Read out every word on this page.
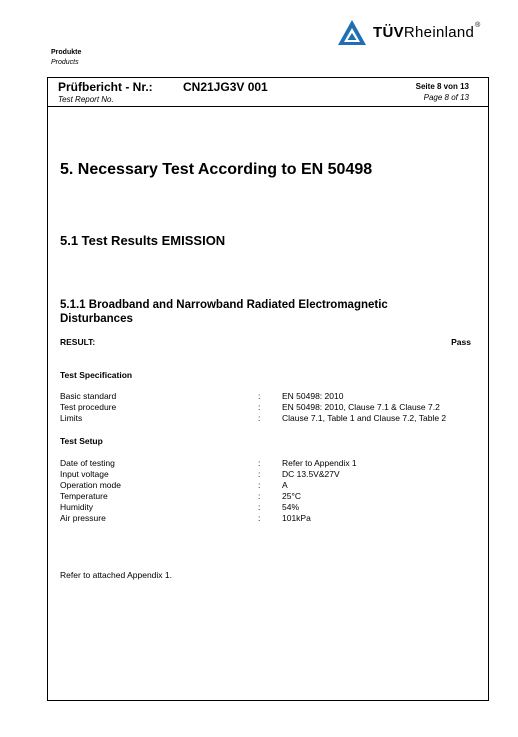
TÜVRheinland®
Produkte
Products
Prüfbericht - Nr.:
Test Report No.
CN21JG3V 001	Seite 8 von 13
Page 8 of 13
5. Necessary Test According to EN 50498
5.1 Test Results EMISSION
5.1.1 Broadband and Narrowband Radiated Electromagnetic Disturbances
RESULT:	Pass
Test Specification
Basic standard	:	EN 50498: 2010
Test procedure	:	EN 50498: 2010, Clause 7.1 & Clause 7.2
Limits	:	Clause 7.1, Table 1 and Clause 7.2, Table 2
Test Setup
Date of testing	:	Refer to Appendix 1
Input voltage	:	DC 13.5V&27V
Operation mode	:	A
Temperature	:	25°C
Humidity	:	54%
Air pressure	:	101kPa
Refer to attached Appendix 1.
